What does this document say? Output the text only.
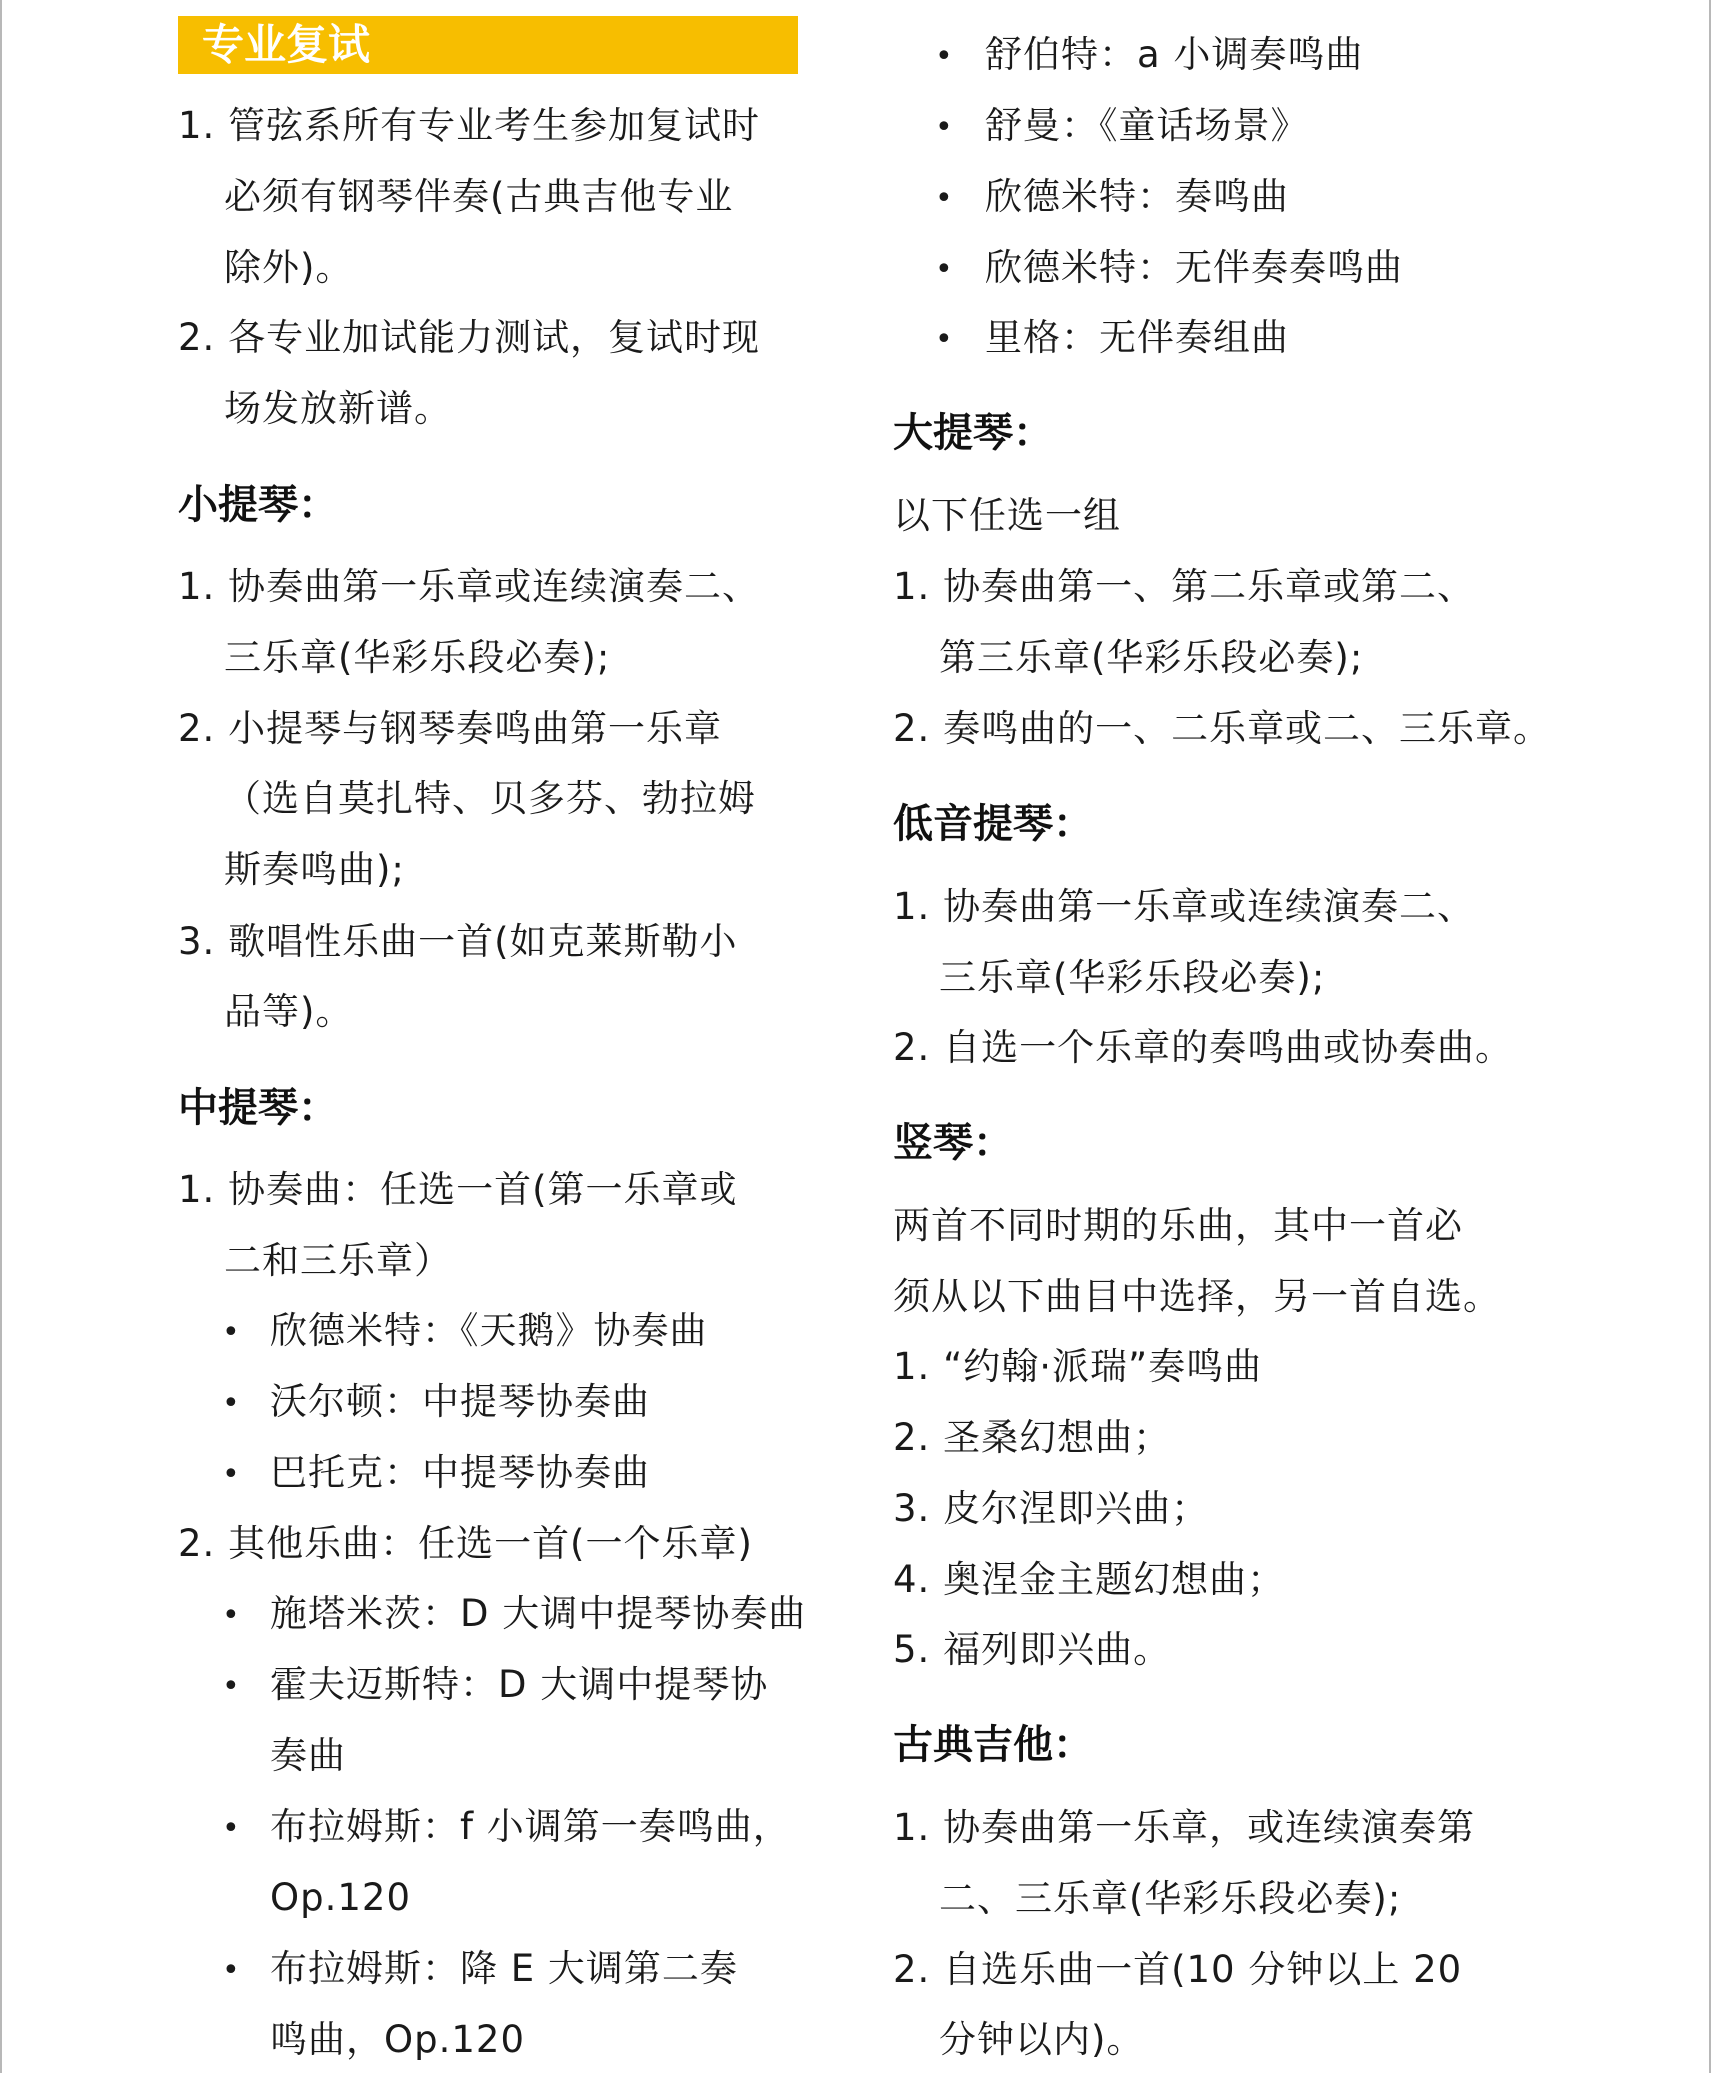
专业复试
1. 管弦系所有专业考生参加复试时
必须有钢琴伴奏(古典吉他专业
除外)。
2. 各专业加试能力测试，复试时现
场发放新谱。
小提琴：
1. 协奏曲第一乐章或连续演奏二、
三乐章(华彩乐段必奏);
2. 小提琴与钢琴奏鸣曲第一乐章
（选自莫扎特、贝多芬、勃拉姆
斯奏鸣曲);
3. 歌唱性乐曲一首(如克莱斯勒小
品等)。
中提琴：
1. 协奏曲：任选一首(第一乐章或
二和三乐章）
• 欣德米特：《天鹅》协奏曲
• 沃尔顿：中提琴协奏曲
• 巴托克：中提琴协奏曲
2. 其他乐曲：任选一首(一个乐章)
• 施塔米茨：D 大调中提琴协奏曲
• 霍夫迈斯特：D 大调中提琴协
奏曲
• 布拉姆斯：f 小调第一奏鸣曲，
Op.120
• 布拉姆斯：降 E 大调第二奏
鸣曲，Op.120
• 舒伯特：a 小调奏鸣曲
• 舒曼：《童话场景》
• 欣德米特：奏鸣曲
• 欣德米特：无伴奏奏鸣曲
• 里格：无伴奏组曲
大提琴：
以下任选一组
1. 协奏曲第一、第二乐章或第二、
第三乐章(华彩乐段必奏);
2. 奏鸣曲的一、二乐章或二、三乐章。
低音提琴：
1. 协奏曲第一乐章或连续演奏二、
三乐章(华彩乐段必奏);
2. 自选一个乐章的奏鸣曲或协奏曲。
竖琴：
两首不同时期的乐曲，其中一首必
须从以下曲目中选择，另一首自选。
1. “约翰·派瑞”奏鸣曲
2. 圣桑幻想曲；
3. 皮尔涅即兴曲；
4. 奥涅金主题幻想曲；
5. 福列即兴曲。
古典吉他：
1. 协奏曲第一乐章，或连续演奏第
二、三乐章(华彩乐段必奏);
2. 自选乐曲一首(10 分钟以上 20
分钟以内)。
